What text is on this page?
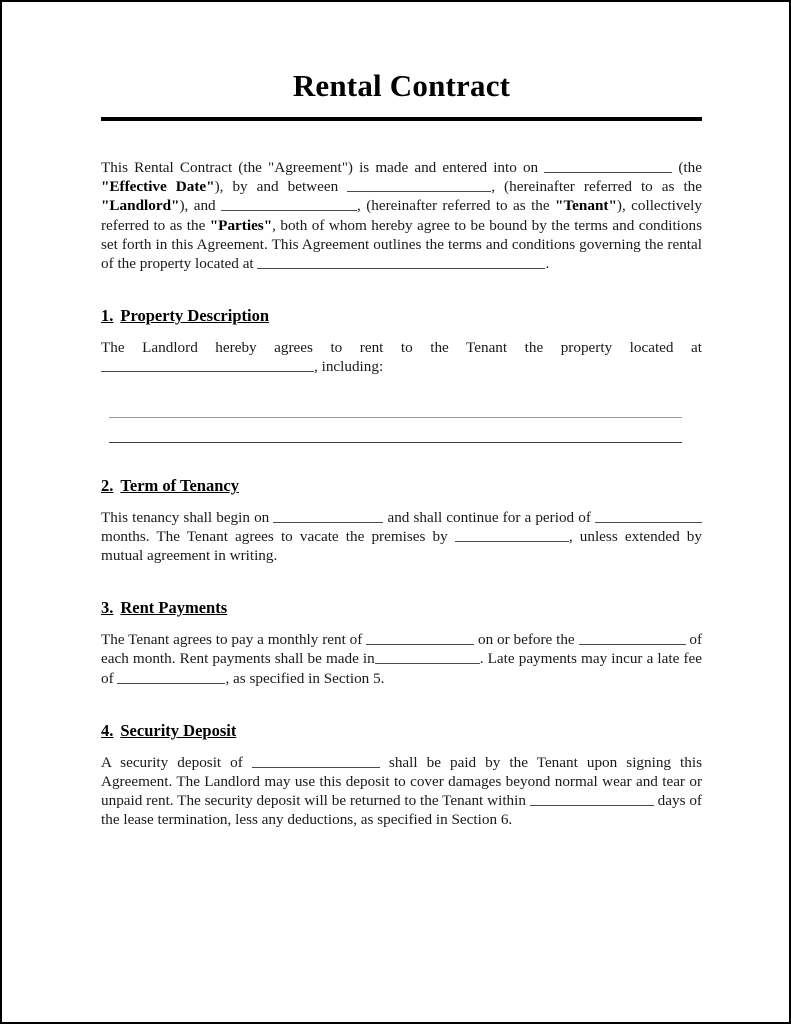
Rental Contract

This Rental Contract (the "Agreement") is made and entered into on	(the "Effective Date"), by and between	, (hereinafter referred to as the "Landlord"), and	, (hereinafter referred to as the "Tenant"), collectively referred to as the "Parties", both of whom hereby agree to be bound by the terms and conditions set forth in this Agreement. This Agreement outlines the terms and conditions governing the rental of the property located at	.

1. Property Description

The Landlord hereby agrees to rent to the Tenant the property located at , including:

2. Term of Tenancy

This tenancy shall begin on	and shall continue for a period of  months. The Tenant agrees to vacate the premises by	, unless extended by mutual agreement in writing.

3. Rent Payments

The Tenant agrees to pay a monthly rent of	on or before the	of each month. Rent payments shall be made in	. Late payments may incur a late fee of	, as specified in Section 5.

4. Security Deposit

A security deposit of	shall be paid by the Tenant upon signing this Agreement. The Landlord may use this deposit to cover damages beyond normal wear and tear or unpaid rent. The security deposit will be returned to the Tenant within	days of the lease termination, less any deductions, as specified in Section 6.
